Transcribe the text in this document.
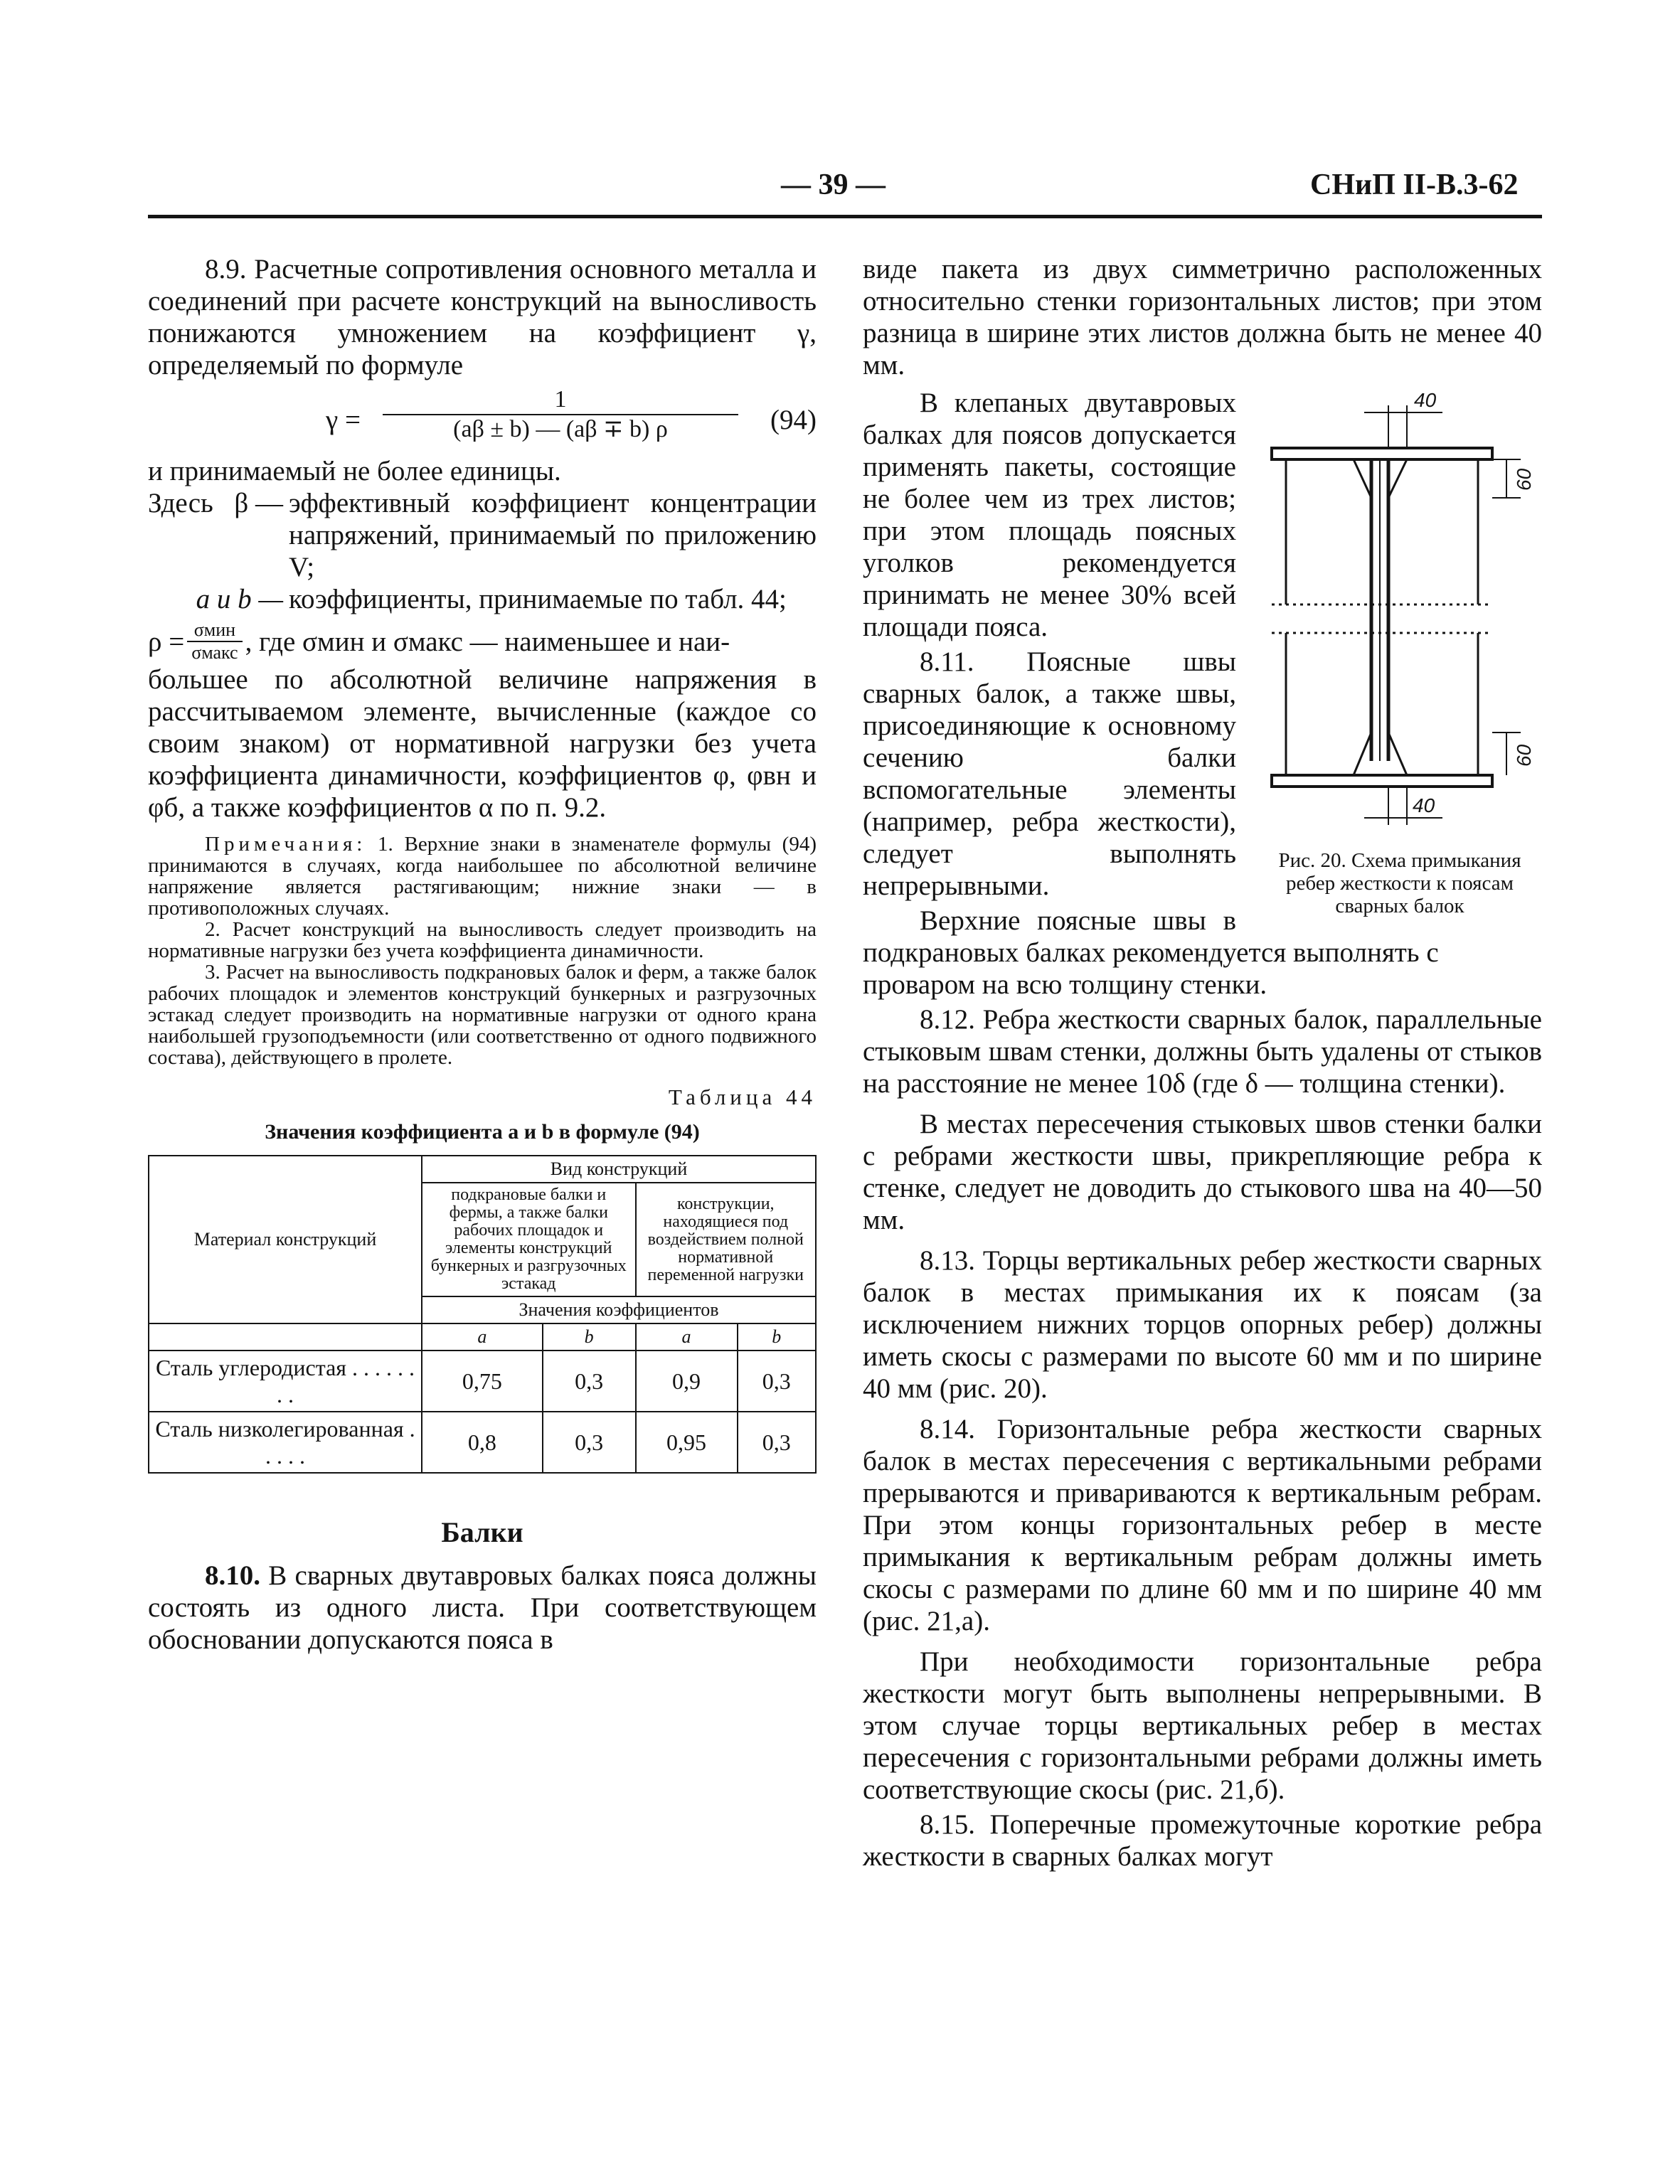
— 39 —	СНиП II-В.3-62

8.9. Расчетные сопротивления основного металла и соединений при расчете конструкций на выносливость понижаются умножением на коэффициент γ, определяемый по формуле

$\gamma = \frac{1}{(a\beta \pm b) — (a\beta \mp b) \rho} (94)$

и принимаемый не более единицы.

Здесь β — эффективный коэффициент концентрации напряжений, принимаемый по приложению V;
a и b — коэффициенты, принимаемые по табл. 44;
$\rho = \frac{\text{σмин}}{\text{σмакс}}$ , где σмин и σмакс — наименьшее и наи-

большее по абсолютной величине напряжения в рассчитываемом элементе, вычисленные (каждое со своим знаком) от нормативной нагрузки без учета коэффициента динамичности, коэффициентов φ, φвн и φб, а также коэффициентов α по п. 9.2.

Примечания: 1. Верхние знаки в знаменателе формулы (94) принимаются в случаях, когда наибольшее по абсолютной величине напряжение является растягивающим; нижние знаки — в противоположных случаях.

2. Расчет конструкций на выносливость следует производить на нормативные нагрузки без учета коэффициента динамичности.

3. Расчет на выносливость подкрановых балок и ферм, а также балок рабочих площадок и элементов конструкций бункерных и разгрузочных эстакад следует производить на нормативные нагрузки от одного крана наибольшей грузоподъемности (или соответственно от одного подвижного состава), действующего в пролете.

Таблица 44
Значения коэффициента a и b в формуле (94)
Материал конструкций	Вид конструкций			
	подкрановые балки и фермы, а также балки рабочих площадок и элементы конструкций бункерных и разгрузочных эстакад		конструкции, находящиеся под воздействием полной нормативной переменной нагрузки	
	Значения коэффициентов			
	a	b	a	b
Сталь углеродистая . . . . . . . .	0,75	0,3	0,9	0,3
Сталь низколегированная . . . . .	0,8	0,3	0,95	0,3
Балки

8.10. В сварных двутавровых балках пояса должны состоять из одного листа. При соответствующем обосновании допускаются пояса в

виде пакета из двух симметрично расположенных относительно стенки горизонтальных листов; при этом разница в ширине этих листов должна быть не менее 40 мм.

40
60
60
40
Рис. 20. Схема примыкания ребер жесткости к поясам сварных балок

В клепаных двутавровых балках для поясов допускается применять пакеты, состоящие не более чем из трех листов; при этом площадь поясных уголков рекомендуется принимать не менее 30% всей площади пояса.

8.11. Поясные швы сварных балок, а также швы, присоединяющие к основному сечению балки вспомогательные элементы (например, ребра жесткости), следует выполнять непрерывными.

Верхние поясные швы в подкрановых балках рекомендуется выполнять с

проваром на всю толщину стенки.

8.12. Ребра жесткости сварных балок, параллельные стыковым швам стенки, должны быть удалены от стыков на расстояние не менее 10δ (где δ — толщина стенки).

В местах пересечения стыковых швов стенки балки с ребрами жесткости швы, прикрепляющие ребра к стенке, следует не доводить до стыкового шва на 40—50 мм.

8.13. Торцы вертикальных ребер жесткости сварных балок в местах примыкания их к поясам (за исключением нижних торцов опорных ребер) должны иметь скосы с размерами по высоте 60 мм и по ширине 40 мм (рис. 20).

8.14. Горизонтальные ребра жесткости сварных балок в местах пересечения с вертикальными ребрами прерываются и привариваются к вертикальным ребрам. При этом концы горизонтальных ребер в месте примыкания к вертикальным ребрам должны иметь скосы с размерами по длине 60 мм и по ширине 40 мм (рис. 21,a).

При необходимости горизонтальные ребра жесткости могут быть выполнены непрерывными. В этом случае торцы вертикальных ребер в местах пересечения с горизонтальными ребрами должны иметь соответствующие скосы (рис. 21,б).

8.15. Поперечные промежуточные короткие ребра жесткости в сварных балках могут
